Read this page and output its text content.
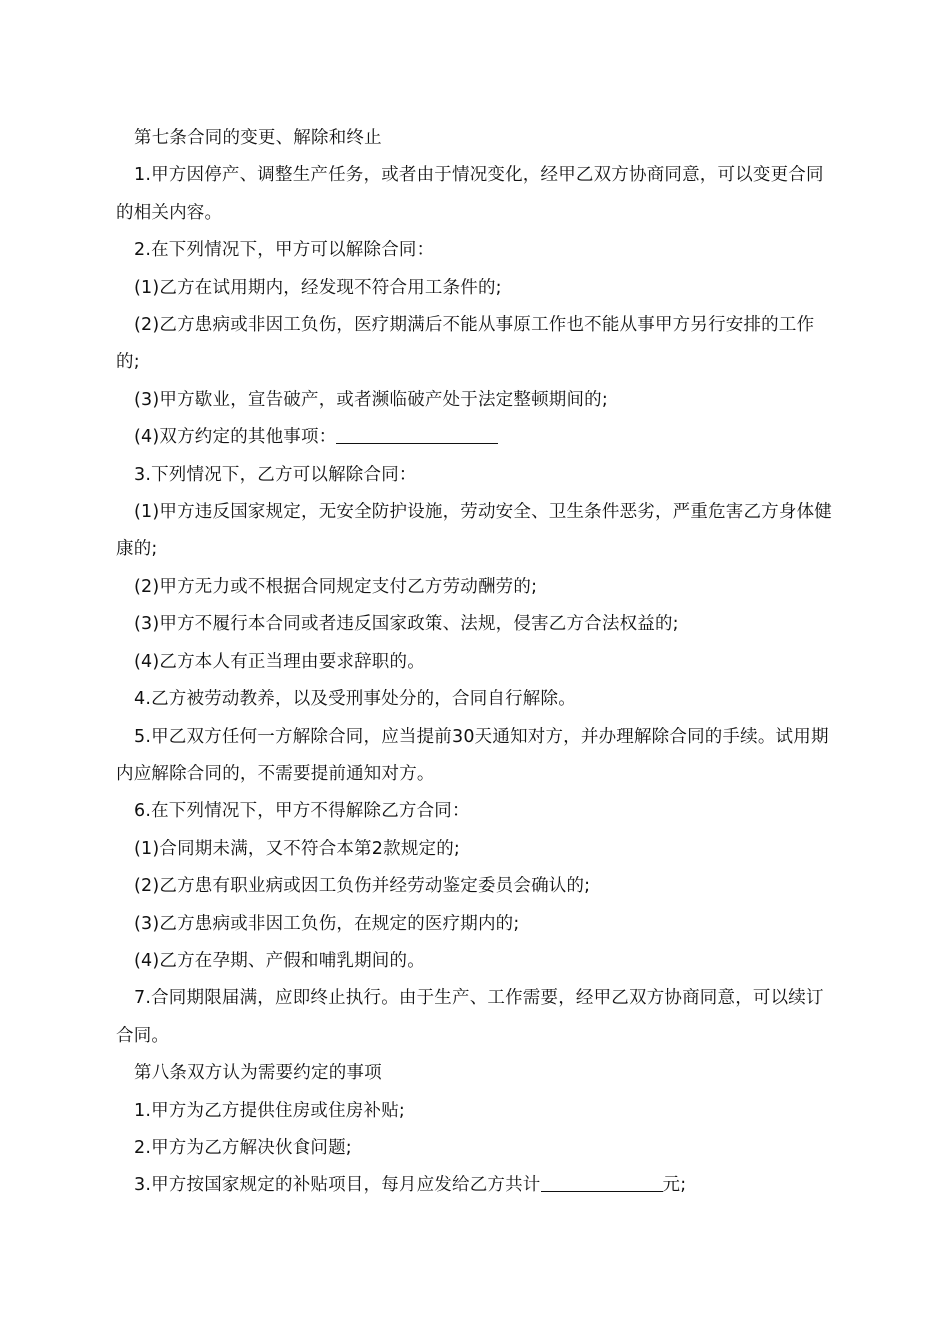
第七条合同的变更、解除和终止

1.甲方因停产、调整生产任务，或者由于情况变化，经甲乙双方协商同意，可以变更合同的相关内容。

2.在下列情况下，甲方可以解除合同：

(1)乙方在试用期内，经发现不符合用工条件的;

(2)乙方患病或非因工负伤，医疗期满后不能从事原工作也不能从事甲方另行安排的工作的;

(3)甲方歇业，宣告破产，或者濒临破产处于法定整顿期间的;

(4)双方约定的其他事项：

3.下列情况下，乙方可以解除合同：

(1)甲方违反国家规定，无安全防护设施，劳动安全、卫生条件恶劣，严重危害乙方身体健康的;

(2)甲方无力或不根据合同规定支付乙方劳动酬劳的;

(3)甲方不履行本合同或者违反国家政策、法规，侵害乙方合法权益的;

(4)乙方本人有正当理由要求辞职的。

4.乙方被劳动教养，以及受刑事处分的，合同自行解除。

5.甲乙双方任何一方解除合同，应当提前30天通知对方，并办理解除合同的手续。试用期内应解除合同的，不需要提前通知对方。

6.在下列情况下，甲方不得解除乙方合同：

(1)合同期未满，又不符合本第2款规定的;

(2)乙方患有职业病或因工负伤并经劳动鉴定委员会确认的;

(3)乙方患病或非因工负伤，在规定的医疗期内的;

(4)乙方在孕期、产假和哺乳期间的。

7.合同期限届满，应即终止执行。由于生产、工作需要，经甲乙双方协商同意，可以续订合同。

第八条双方认为需要约定的事项

1.甲方为乙方提供住房或住房补贴;

2.甲方为乙方解决伙食问题;

3.甲方按国家规定的补贴项目，每月应发给乙方共计	元;
